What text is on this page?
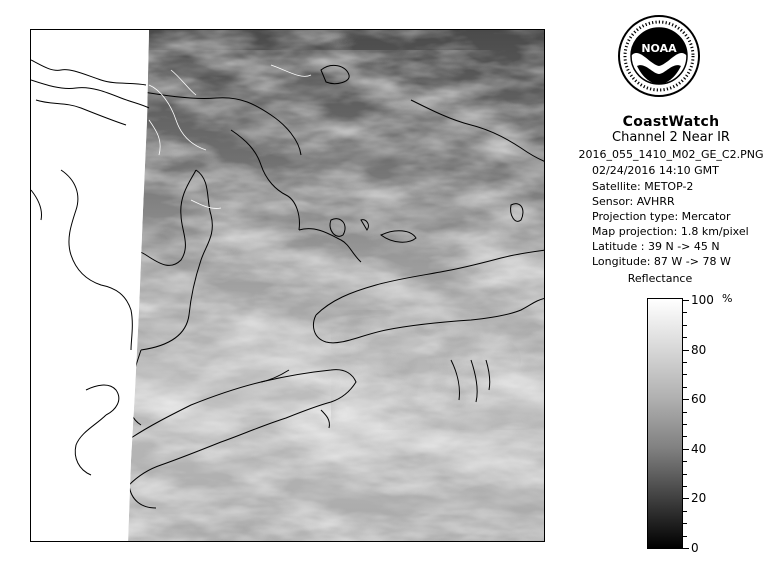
NOAA
CoastWatch
Channel 2 Near IR
2016_055_1410_M02_GE_C2.PNG
02/24/2016 14:10 GMT
Satellite: METOP-2
Sensor: AVHRR
Projection type: Mercator
Map projection: 1.8 km/pixel
Latitude : 39 N -> 45 N
Longitude: 87 W -> 78 W
Reflectance
%
100
80
60
40
20
0
